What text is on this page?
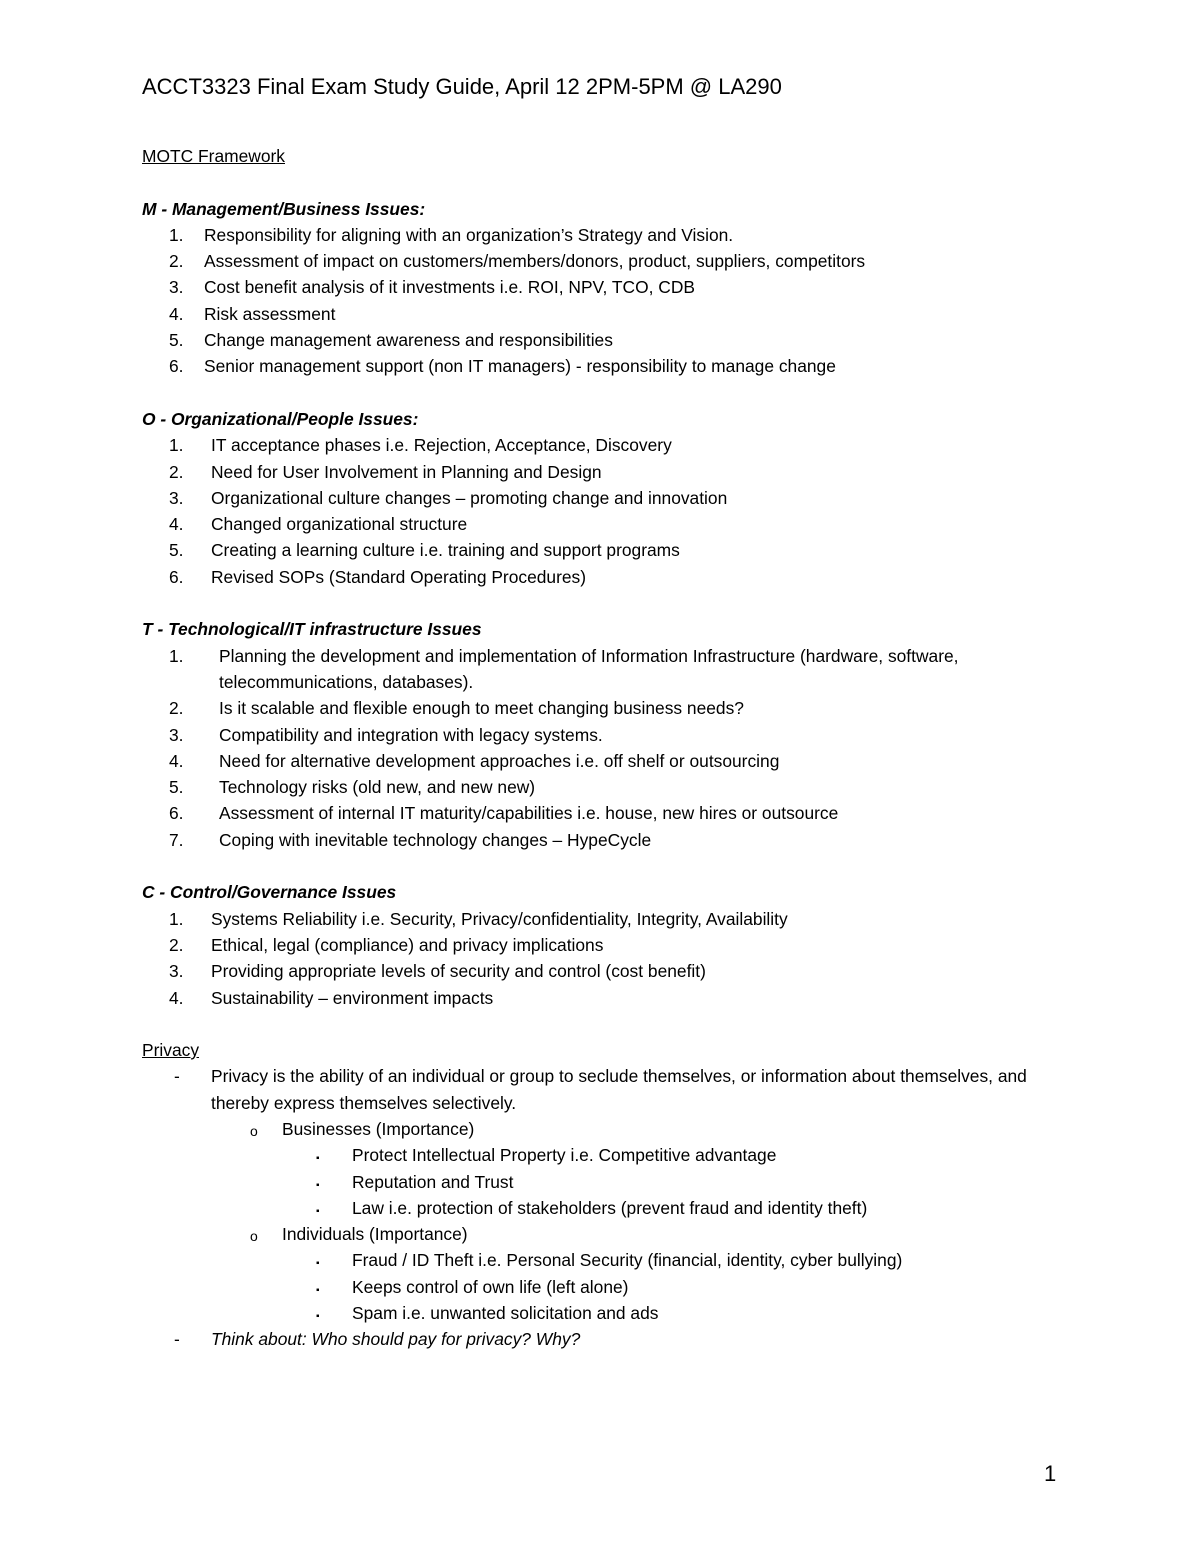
ACCT3323 Final Exam Study Guide, April 12 2PM-5PM @ LA290
MOTC Framework
M - Management/Business Issues:
1.	Responsibility for aligning with an organization’s Strategy and Vision.
2.	Assessment of impact on customers/members/donors, product, suppliers, competitors
3.	Cost benefit analysis of it investments i.e. ROI, NPV, TCO, CDB
4.	Risk assessment
5.	Change management awareness and responsibilities
6.	Senior management support (non IT managers) - responsibility to manage change
O - Organizational/People Issues:
1.	IT acceptance phases i.e. Rejection, Acceptance, Discovery
2.	Need for User Involvement in Planning and Design
3.	Organizational culture changes – promoting change and innovation
4.	Changed organizational structure
5.	Creating a learning culture i.e. training and support programs
6.	Revised SOPs (Standard Operating Procedures)
T - Technological/IT infrastructure Issues
1.	Planning the development and implementation of Information Infrastructure (hardware, software, telecommunications, databases).
2.	Is it scalable and flexible enough to meet changing business needs?
3.	Compatibility and integration with legacy systems.
4.	Need for alternative development approaches i.e. off shelf or outsourcing
5.	Technology risks (old new, and new new)
6.	Assessment of internal IT maturity/capabilities i.e. house, new hires or outsource
7.	Coping with inevitable technology changes – HypeCycle
C - Control/Governance Issues
1.	Systems Reliability i.e. Security, Privacy/confidentiality, Integrity, Availability
2.	Ethical, legal (compliance) and privacy implications
3.	Providing appropriate levels of security and control (cost benefit)
4.	Sustainability – environment impacts
Privacy
-	Privacy is the ability of an individual or group to seclude themselves, or information about themselves, and thereby express themselves selectively.
o	Businesses (Importance)
▪	Protect Intellectual Property i.e. Competitive advantage
▪	Reputation and Trust
▪	Law i.e. protection of stakeholders (prevent fraud and identity theft)
o	Individuals (Importance)
▪	Fraud / ID Theft i.e. Personal Security (financial, identity, cyber bullying)
▪	Keeps control of own life (left alone)
▪	Spam i.e. unwanted solicitation and ads
-	Think about: Who should pay for privacy? Why?
1
